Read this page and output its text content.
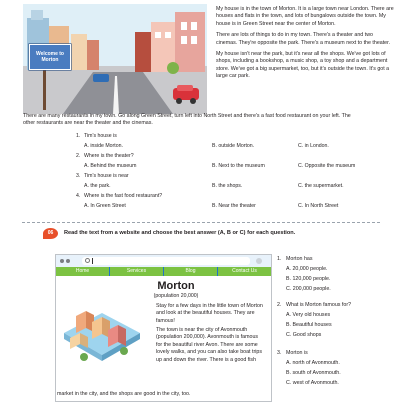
Welcome to Morton

My house is in the town of Morton. It is a large town near London. There are houses and flats in the town, and lots of bungalows outside the town. My house is in Green Street near the center of Morton.

There are lots of things to do in my town. There's a theater and two cinemas. They're opposite the park. There's a museum next to the theater.

My house isn't near the park, but it's near all the shops. We've got lots of shops, including a bookshop, a music shop, a toy shop and a department store. We've got a big supermarket, too, but it's outside the town. It's got a large car park.

There are many restaurants in my town. Go along Green Street, turn left into North Street and there's a fast food restaurant on your left. The other restaurants are near the theater and the cinemas.

1. Tim's house is
A. inside Morton.	B. outside Morton.	C. in London.
2. Where is the theater?
A. Behind the museum	B. Next to the museum	C. Opposite the museum
3. Tim's house is near
A. the park.	B. the shops.	C. the supermarket.
4. Where is the fast food restaurant?
A. In Green Street	B. Near the theater	C. In North Street
06	Read the text from a website and choose the best answer (A, B or C) for each question.
Home	Services	Blog	Contact Us
Morton
(population 20,000)

Stay for a few days in the little town of Morton and look at the beautiful houses. They are famous!

The town is near the city of Avonmouth (population 200,000). Avonmouth is famous for the beautiful river Avon. There are some lovely walks, and you can also take boat trips up and down the river. There is a good fish

market in the city, and the shops are good in the city, too.

1. Morton has
A. 20,000 people.
B. 120,000 people.
C. 200,000 people.
2. What is Morton famous for?
A. Very old houses
B. Beautiful houses
C. Good shops
3. Morton is
A. north of Avonmouth.
B. south of Avonmouth.
C. west of Avonmouth.
